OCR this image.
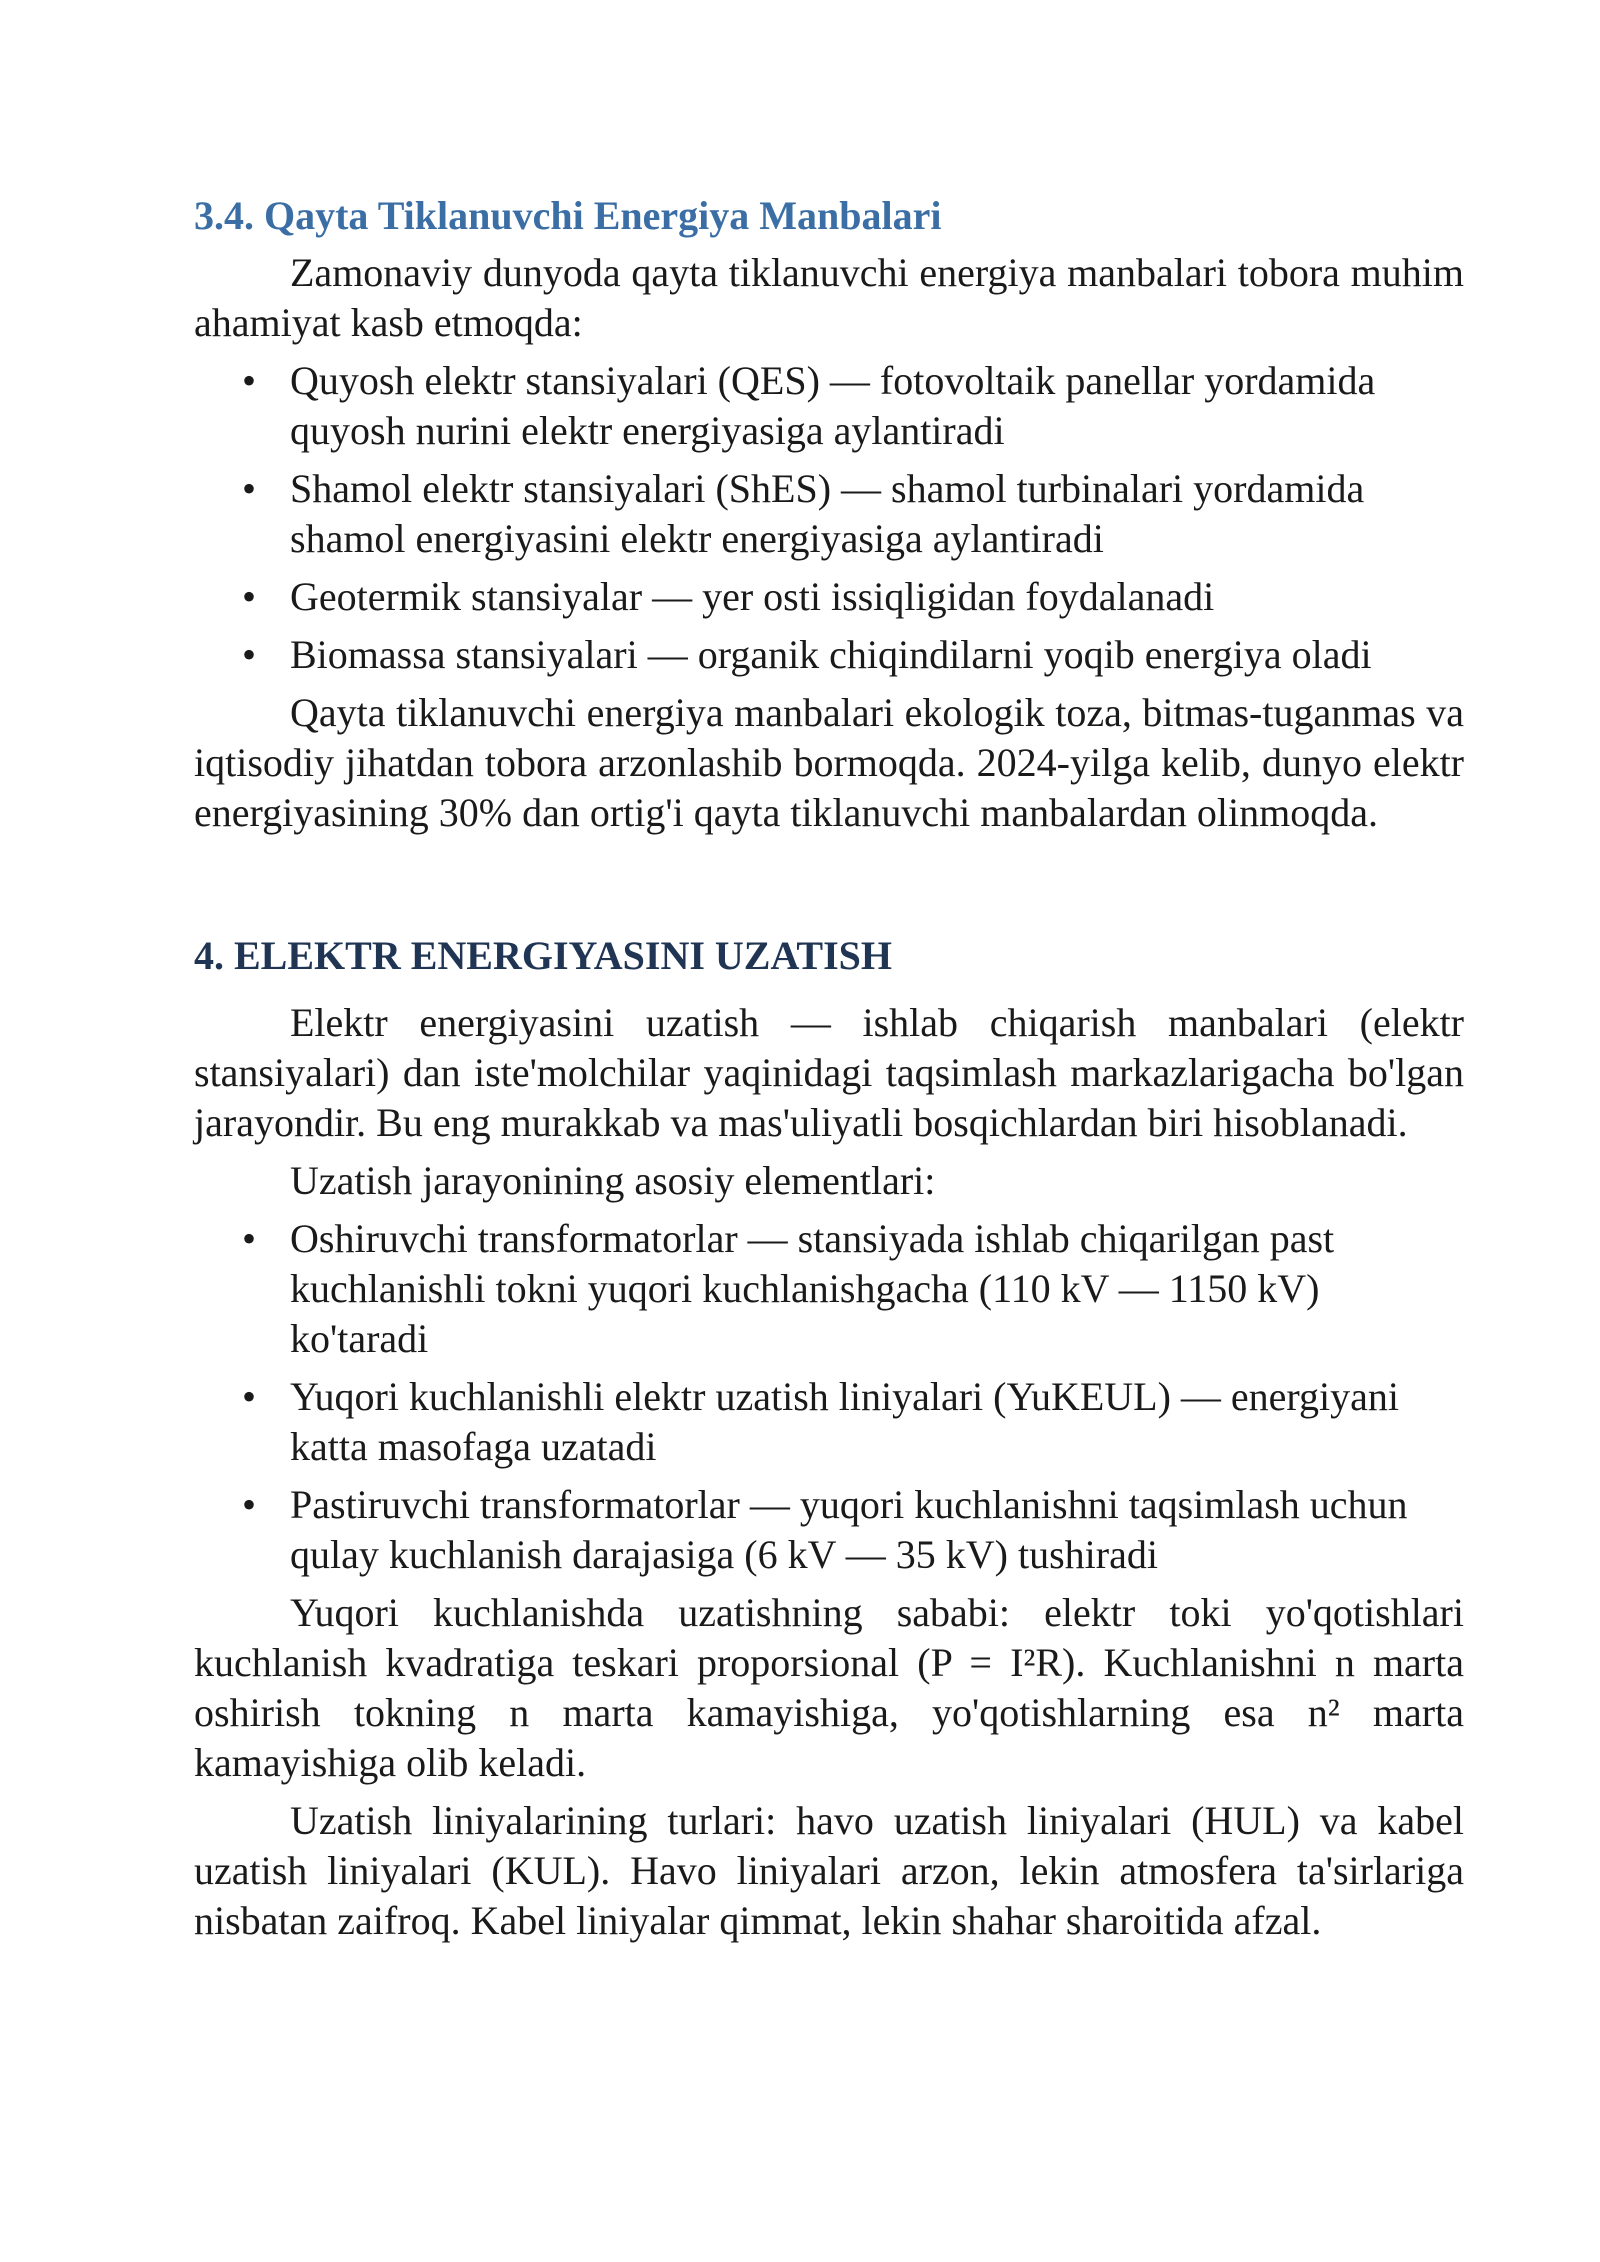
3.4. Qayta Tiklanuvchi Energiya Manbalari

Zamonaviy dunyoda qayta tiklanuvchi energiya manbalari tobora muhim ahamiyat kasb etmoqda:

• Quyosh elektr stansiyalari (QES) — fotovoltaik panellar yordamida quyosh nurini elektr energiyasiga aylantiradi
• Shamol elektr stansiyalari (ShES) — shamol turbinalari yordamida shamol energiyasini elektr energiyasiga aylantiradi
• Geotermik stansiyalar — yer osti issiqligidan foydalanadi
• Biomassa stansiyalari — organik chiqindilarni yoqib energiya oladi

Qayta tiklanuvchi energiya manbalari ekologik toza, bitmas-tuganmas va iqtisodiy jihatdan tobora arzonlashib bormoqda. 2024-yilga kelib, dunyo elektr energiyasining 30% dan ortig'i qayta tiklanuvchi manbalardan olinmoqda.

4. ELEKTR ENERGIYASINI UZATISH

Elektr energiyasini uzatish — ishlab chiqarish manbalari (elektr stansiyalari) dan iste'molchilar yaqinidagi taqsimlash markazlarigacha bo'lgan jarayondir. Bu eng murakkab va mas'uliyatli bosqichlardan biri hisoblanadi.

Uzatish jarayonining asosiy elementlari:

• Oshiruvchi transformatorlar — stansiyada ishlab chiqarilgan past kuchlanishli tokni yuqori kuchlanishgacha (110 kV — 1150 kV) ko'taradi
• Yuqori kuchlanishli elektr uzatish liniyalari (YuKEUL) — energiyani katta masofaga uzatadi
• Pastiruvchi transformatorlar — yuqori kuchlanishni taqsimlash uchun qulay kuchlanish darajasiga (6 kV — 35 kV) tushiradi

Yuqori kuchlanishda uzatishning sababi: elektr toki yo'qotishlari kuchlanish kvadratiga teskari proporsional (P = I²R). Kuchlanishni n marta oshirish tokning n marta kamayishiga, yo'qotishlarning esa n² marta kamayishiga olib keladi.

Uzatish liniyalarining turlari: havo uzatish liniyalari (HUL) va kabel uzatish liniyalari (KUL). Havo liniyalari arzon, lekin atmosfera ta'sirlariga nisbatan zaifroq. Kabel liniyalar qimmat, lekin shahar sharoitida afzal.
